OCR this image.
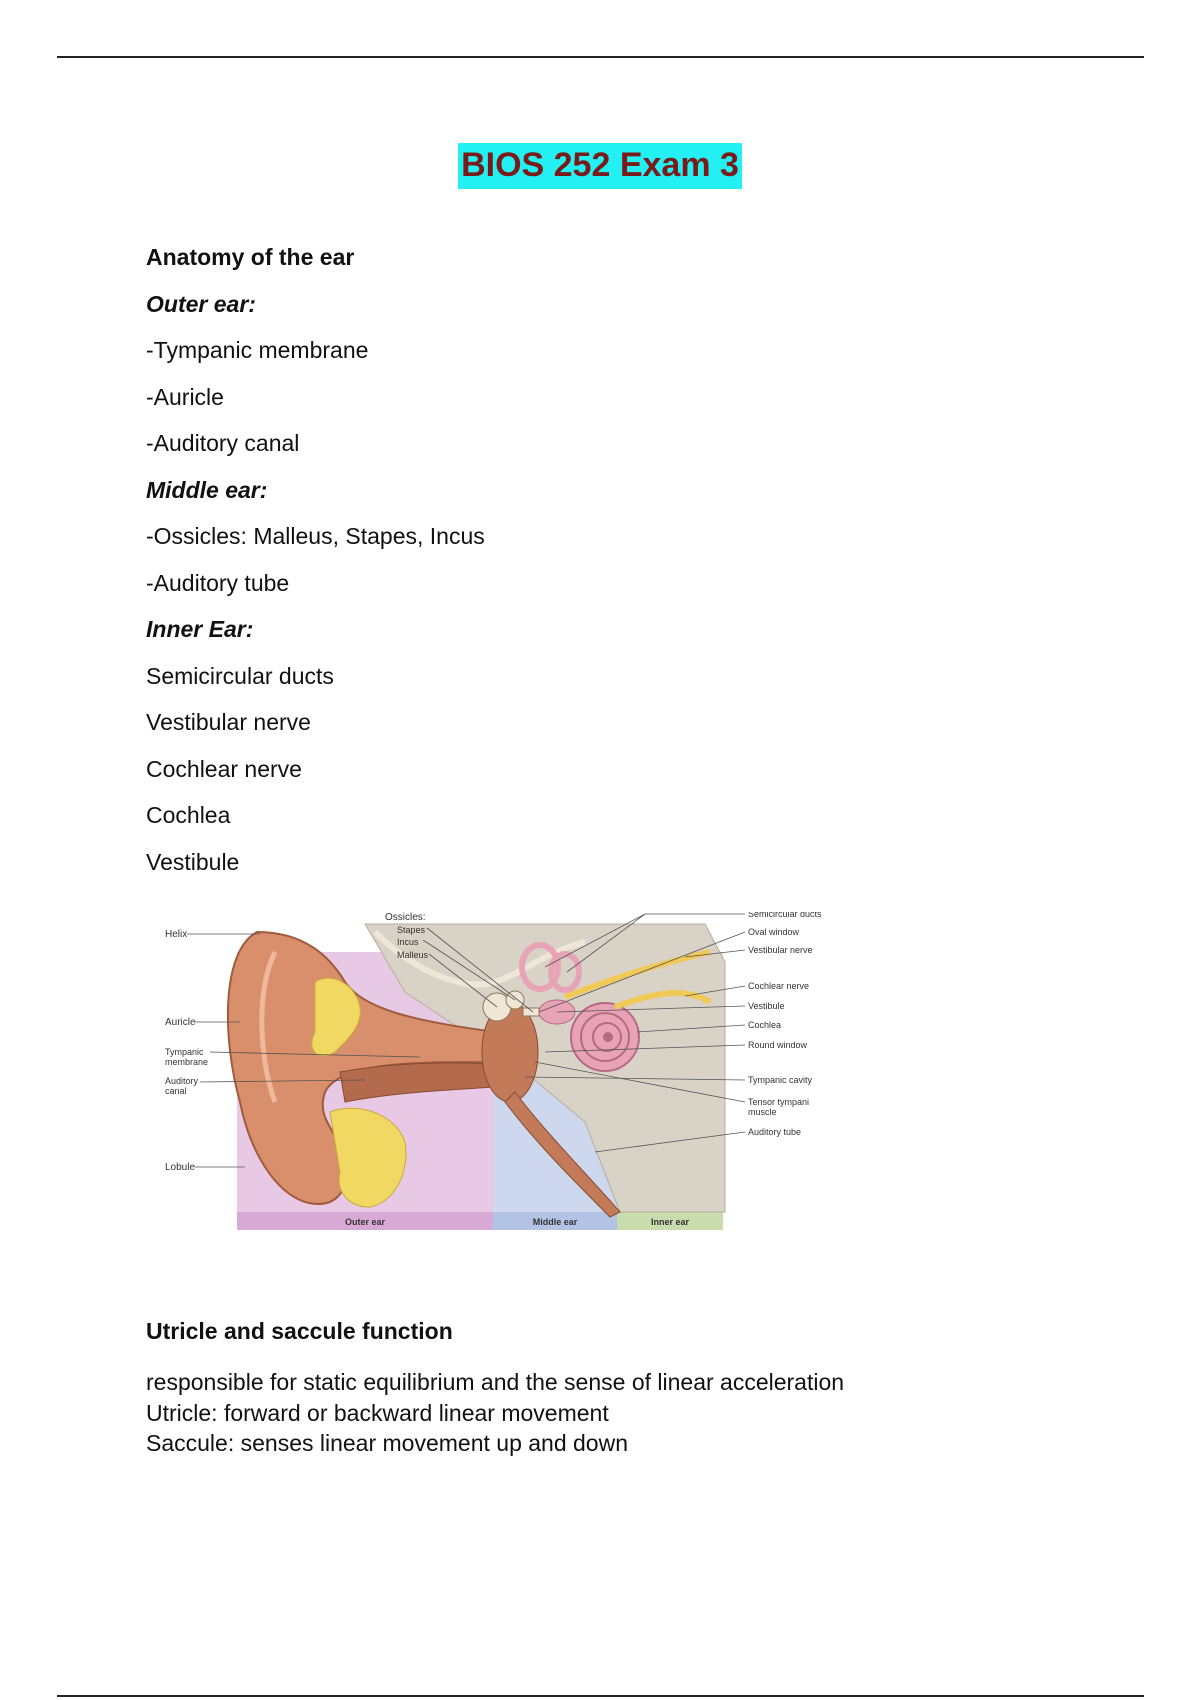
BIOS 252 Exam 3
Anatomy of the ear
Outer ear:
-Tympanic membrane
-Auricle
-Auditory canal
Middle ear:
-Ossicles: Malleus, Stapes, Incus
-Auditory tube
Inner Ear:
Semicircular ducts
Vestibular nerve
Cochlear nerve
Cochlea
Vestibule
Helix
Auricle
Tympanic membrane
Auditory canal
Lobule
Ossicles:
Stapes
Incus
Malleus
Semicircular ducts
Oval window
Vestibular nerve
Cochlear nerve
Vestibule
Cochlea
Round window
Tympanic cavity
Tensor tympani muscle
Auditory tube
Outer ear	Middle ear	Inner ear
Utricle and saccule function
responsible for static equilibrium and the sense of linear acceleration
Utricle: forward or backward linear movement
Saccule: senses linear movement up and down
